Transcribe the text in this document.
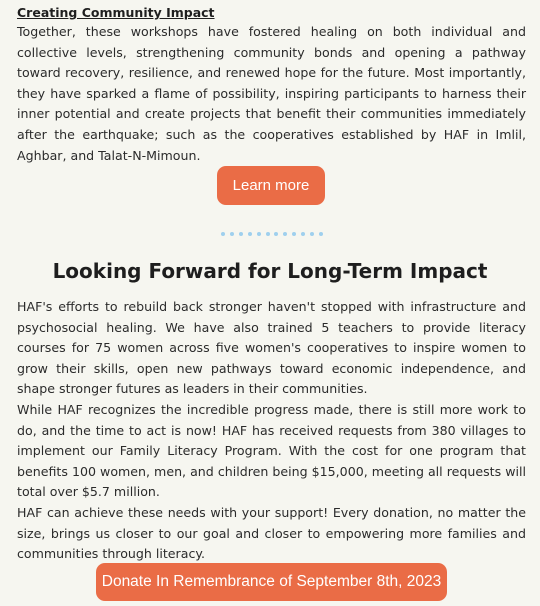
Creating Community Impact

Together, these workshops have fostered healing on both individual and collective levels, strengthening community bonds and opening a pathway toward recovery, resilience, and renewed hope for the future. Most importantly, they have sparked a flame of possibility, inspiring participants to harness their inner potential and create projects that benefit their communities immediately after the earthquake; such as the cooperatives established by HAF in Imlil, Aghbar, and Talat-N-Mimoun.

Learn more
Looking Forward for Long-Term Impact

HAF's efforts to rebuild back stronger haven't stopped with infrastructure and psychosocial healing. We have also trained 5 teachers to provide literacy courses for 75 women across five women's cooperatives to inspire women to grow their skills, open new pathways toward economic independence, and shape stronger futures as leaders in their communities.

While HAF recognizes the incredible progress made, there is still more work to do, and the time to act is now! HAF has received requests from 380 villages to implement our Family Literacy Program. With the cost for one program that benefits 100 women, men, and children being $15,000, meeting all requests will total over $5.7 million.

HAF can achieve these needs with your support! Every donation, no matter the size, brings us closer to our goal and closer to empowering more families and communities through literacy.

Donate In Remembrance of September 8th, 2023
